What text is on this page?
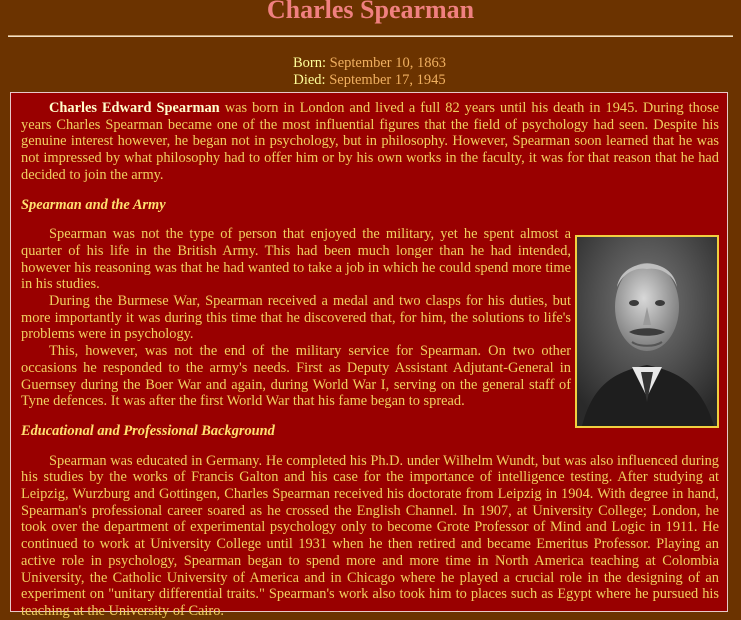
Charles Spearman
Born: September 10, 1863
Died: September 17, 1945

Charles Edward Spearman was born in London and lived a full 82 years until his death in 1945. During those years Charles Spearman became one of the most influential figures that the field of psychology had seen. Despite his genuine interest however, he began not in psychology, but in philosophy. However, Spearman soon learned that he was not impressed by what philosophy had to offer him or by his own works in the faculty, it was for that reason that he had decided to join the army.

Spearman and the Army

Spearman was not the type of person that enjoyed the military, yet he spent almost a quarter of his life in the British Army. This had been much longer than he had intended, however his reasoning was that he had wanted to take a job in which he could spend more time in his studies.

During the Burmese War, Spearman received a medal and two clasps for his duties, but more importantly it was during this time that he discovered that, for him, the solutions to life's problems were in psychology.

This, however, was not the end of the military service for Spearman. On two other occasions he responded to the army's needs. First as Deputy Assistant Adjutant-General in Guernsey during the Boer War and again, during World War I, serving on the general staff of Tyne defences. It was after the first World War that his fame began to spread.

Educational and Professional Background

Spearman was educated in Germany. He completed his Ph.D. under Wilhelm Wundt, but was also influenced during his studies by the works of Francis Galton and his case for the importance of intelligence testing. After studying at Leipzig, Wurzburg and Gottingen, Charles Spearman received his doctorate from Leipzig in 1904. With degree in hand, Spearman's professional career soared as he crossed the English Channel. In 1907, at University College; London, he took over the department of experimental psychology only to become Grote Professor of Mind and Logic in 1911. He continued to work at University College until 1931 when he then retired and became Emeritus Professor. Playing an active role in psychology, Spearman began to spend more and more time in North America teaching at Colombia University, the Catholic University of America and in Chicago where he played a crucial role in the designing of an experiment on "unitary differential traits." Spearman's work also took him to places such as Egypt where he pursued his teaching at the University of Cairo.
